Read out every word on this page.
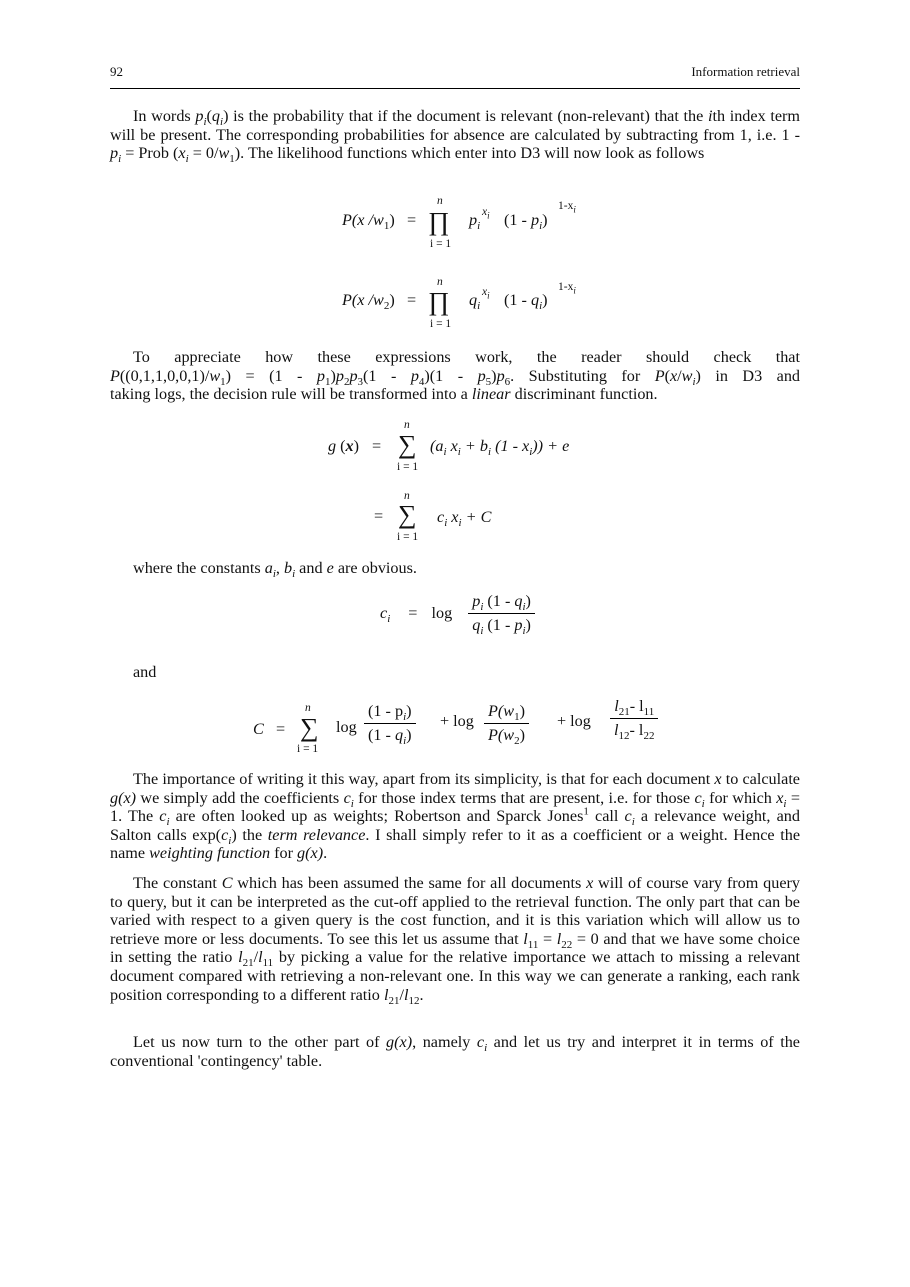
92	Information retrieval

In words $p_i(q_i)$ is the probability that if the document is relevant (non-relevant) that the ith index term will be present. The corresponding probabilities for absence are calculated by subtracting from 1, i.e. $1 - p_i$ = Prob $(x_i = 0/w_1)$. The likelihood functions which enter into D3 will now look as follows

P(x $/w_1$) =
n
∏
i = 1
$p_i$
$x_i$ $(1 - p_i)$
$1-x_i$
P(x $/w_2$) =
n
∏
i = 1
$q_i$
$x_i$ $(1 - q_i)$
$1-x_i$

To appreciate how these expressions work, the reader should check that

$P((0,1,1,0,0,1)/w_1) = (1 - p_1)p_2p_3(1 - p_4)(1 - p_5)p_6$. Substituting for $P(x/w_i)$ in D3 and

taking logs, the decision rule will be transformed into a linear discriminant function.

g (x) =
n
∑
i = 1
($a_i$ $x_i + b_i$ $(1 - x_i)) + e$
=
n
∑
i = 1
$c_i$ $x_i + C$

where the constants $a_i$, $b_i$ and e are obvious.

$c_i = \log \frac{p_i (1 - q_i)}{q_i (1 - p_i)}$

and

C =
n
∑
i = 1
$\log \frac{(1 - p_i)}{(1 - q_i)} + \log \frac{P(w_1)}{P(w_2)} + \log \frac{l_{21}- l_{11}}{l_{12}- l_{22}}$

The importance of writing it this way, apart from its simplicity, is that for each document x to calculate g(x) we simply add the coefficients $c_i$ for those index terms that are present, i.e. for those $c_i$ for which $x_i = 1$. The $c_i$ are often looked up as weights; Robertson and Sparck Jones$^1$ call $c_i$ a relevance weight, and Salton calls $\exp(c_i)$ the term relevance. I shall simply refer to it as a coefficient or a weight. Hence the name weighting function for g(x).

The constant C which has been assumed the same for all documents x will of course vary from query to query, but it can be interpreted as the cut-off applied to the retrieval function. The only part that can be varied with respect to a given query is the cost function, and it is this variation which will allow us to retrieve more or less documents. To see this let us assume that $l_{11} = l_{22} = 0$ and that we have some choice in setting the ratio $l_{21}/l_{11}$ by picking a value for the relative importance we attach to missing a relevant document compared with retrieving a non-relevant one. In this way we can generate a ranking, each rank position corresponding to a different ratio $l_{21}/l_{12}$.

Let us now turn to the other part of g(x), namely $c_i$ and let us try and interpret it in terms of the conventional 'contingency' table.
